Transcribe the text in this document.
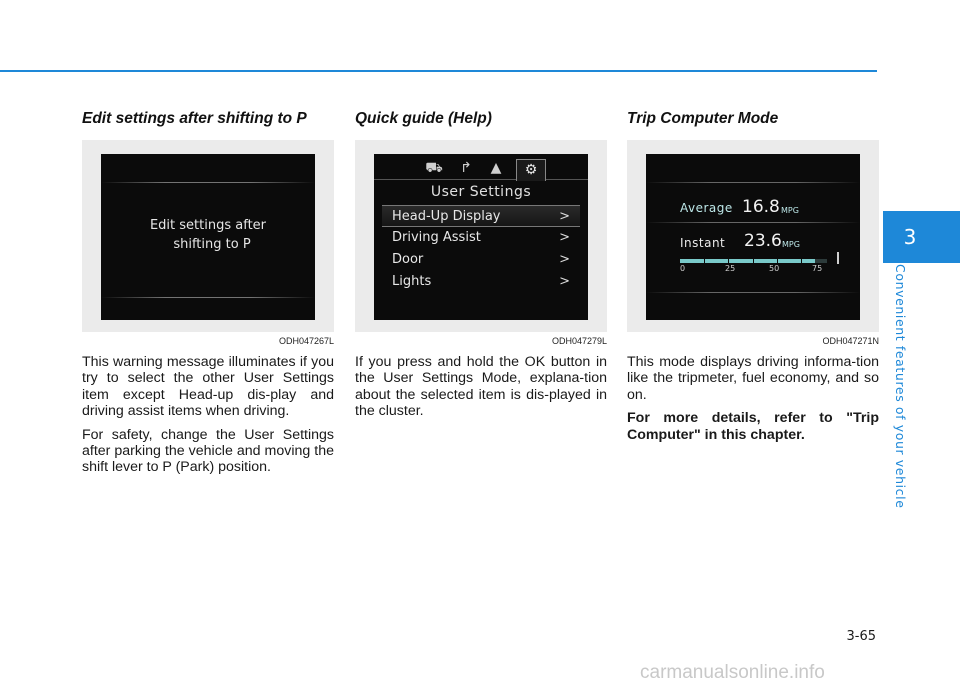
Edit settings after shifting to P
Edit settings after
shifting to P
ODH047267L

This warning message illuminates if you try to select the other User Settings item except Head-up dis-play and driving assist items when driving.

For safety, change the User Settings after parking the vehicle and moving the shift lever to P (Park) position.

Quick guide (Help)
⛟	↱	▲	⚙
User Settings
Head-Up Display	>
Driving Assist	>
Door	>
Lights	>
ODH047279L

If you press and hold the OK button in the User Settings Mode, explana-tion about the selected item is dis-played in the cluster.

Trip Computer Mode
Average 16.8 MPG
Instant 23.6 MPG
0	25	50	75
ODH047271N

This mode displays driving informa-tion like the tripmeter, fuel economy, and so on.

For more details, refer to "Trip Computer" in this chapter.

3
Convenient features of your vehicle
3-65
carmanualsonline.info
